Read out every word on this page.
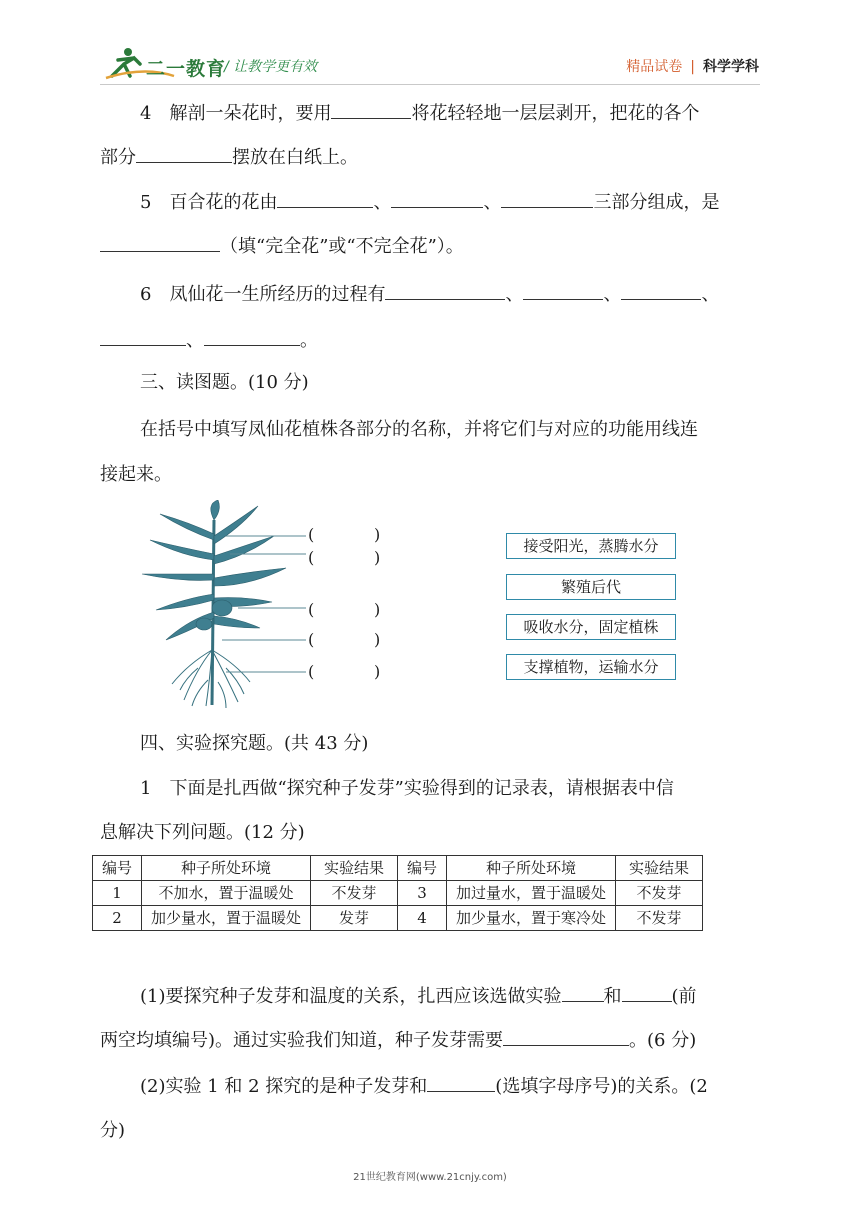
二一教育
/ 让教学更有效	精品试卷 | 科学学科
4　解剖一朵花时，要用	将花轻轻地一层层剥开，把花的各个
部分	摆放在白纸上。
5　百合花的花由	、	、	三部分组成，是
（填“完全花”或“不完全花”）。
6　凤仙花一生所经历的过程有	、	、	、
、	。
三、读图题。(10 分)
在括号中填写凤仙花植株各部分的名称，并将它们与对应的功能用线连
接起来。
(	)
(	)
(	)
(	)
(	)
接受阳光，蒸腾水分
繁殖后代
吸收水分，固定植株
支撑植物，运输水分
四、实验探究题。(共 43 分)
1　下面是扎西做“探究种子发芽”实验得到的记录表，请根据表中信
息解决下列问题。(12 分)
编号	种子所处环境	实验结果	编号	种子所处环境	实验结果
1	不加水，置于温暖处	不发芽	3	加过量水，置于温暖处	不发芽
2	加少量水，置于温暖处	发芽	4	加少量水，置于寒冷处	不发芽
(1)要探究种子发芽和温度的关系，扎西应该选做实验 和	(前
两空均填编号)。通过实验我们知道，种子发芽需要	。(6 分)
(2)实验 1 和 2 探究的是种子发芽和	(选填字母序号)的关系。(2
分)
21世纪教育网(www.21cnjy.com)
